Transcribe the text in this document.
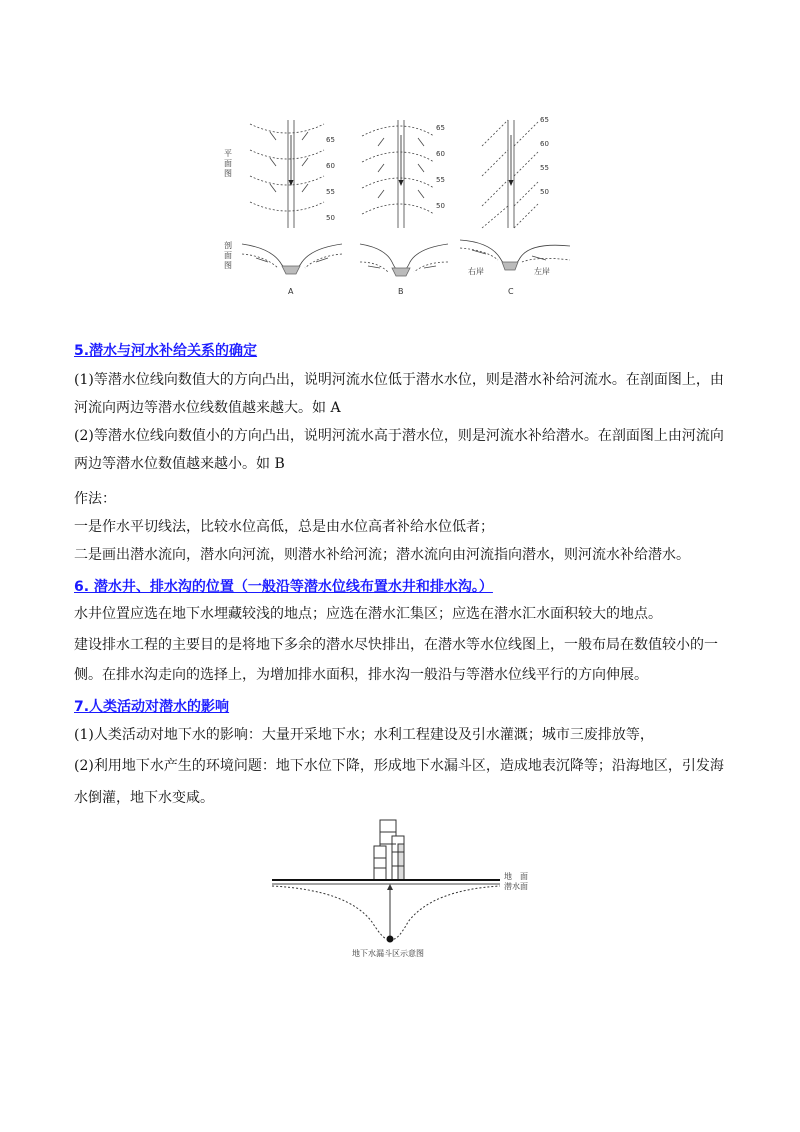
平
面
图
剖
面
图
65
60
55
50
A
65
60
55
50
B
65
60
55
50
右岸	左岸
C
5.潜水与河水补给关系的确定
(1)等潜水位线向数值大的方向凸出，说明河流水位低于潜水水位，则是潜水补给河流水。在剖面图上，由
河流向两边等潜水位线数值越来越大。如 A
(2)等潜水位线向数值小的方向凸出，说明河流水高于潜水位，则是河流水补给潜水。在剖面图上由河流向
两边等潜水位数值越来越小。如 B
作法：
一是作水平切线法，比较水位高低，总是由水位高者补给水位低者；
二是画出潜水流向，潜水向河流，则潜水补给河流；潜水流向由河流指向潜水，则河流水补给潜水。
6. 潜水井、排水沟的位置（一般沿等潜水位线布置水井和排水沟。）
水井位置应选在地下水埋藏较浅的地点；应选在潜水汇集区；应选在潜水汇水面积较大的地点。
建设排水工程的主要目的是将地下多余的潜水尽快排出，在潜水等水位线图上，一般布局在数值较小的一
侧。在排水沟走向的选择上，为增加排水面积，排水沟一般沿与等潜水位线平行的方向伸展。
7.人类活动对潜水的影响
(1)人类活动对地下水的影响：大量开采地下水；水利工程建设及引水灌溉；城市三废排放等，
(2)利用地下水产生的环境问题：地下水位下降，形成地下水漏斗区，造成地表沉降等；沿海地区，引发海
水倒灌，地下水变咸。
地　面
潜水面
地下水漏斗区示意图
